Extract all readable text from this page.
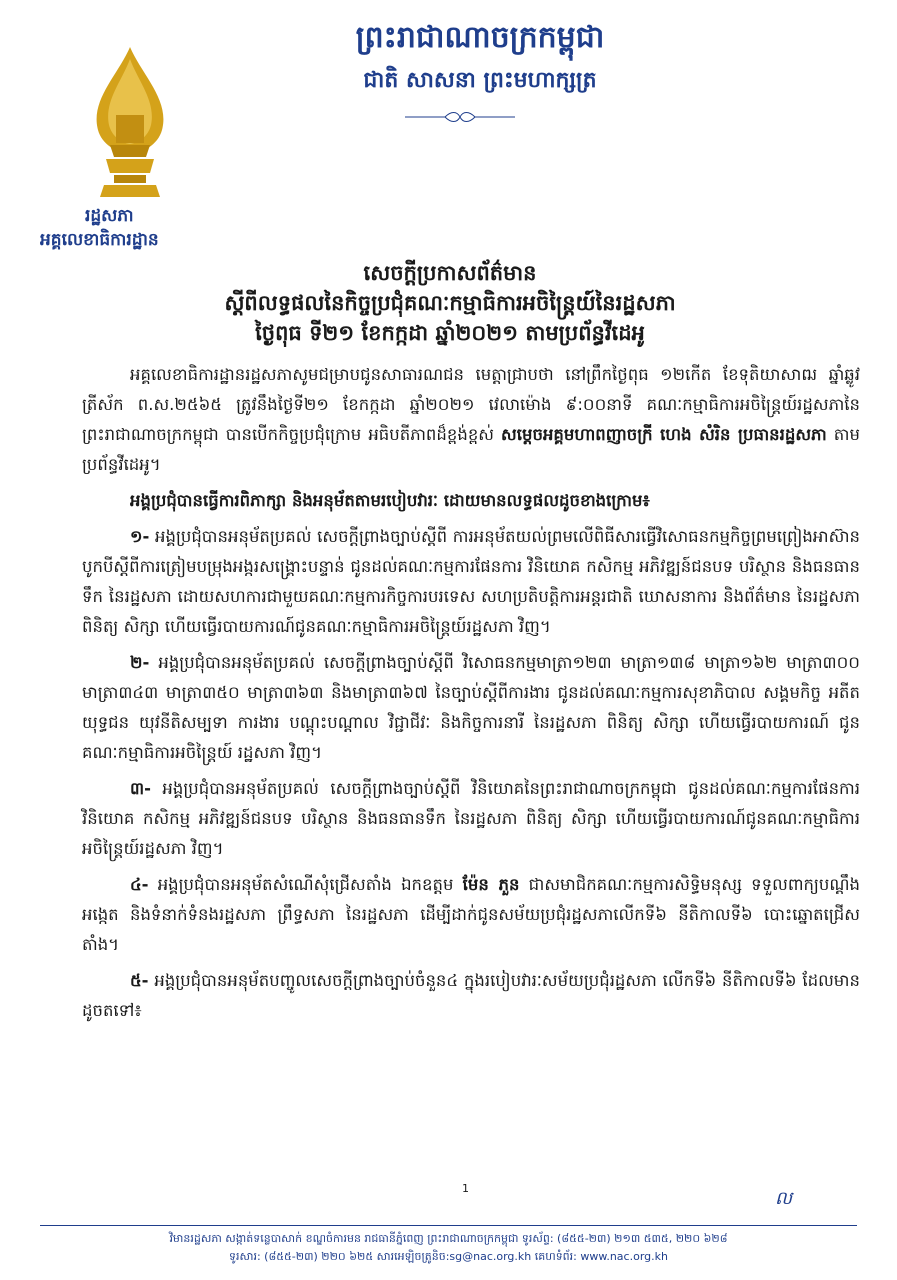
រដ្ឋសភា
អគ្គលេខាធិការដ្ឋាន
ព្រះរាជាណាចក្រកម្ពុជា
ជាតិ សាសនា ព្រះមហាក្សត្រ
សេចក្តីប្រកាសព័ត៌មាន
ស្តីពីលទ្ធផលនៃកិច្ចប្រជុំគណៈកម្មាធិការអចិន្ត្រៃយ៍នៃរដ្ឋសភា
ថ្ងៃពុធ ទី២១ ខែកក្កដា ឆ្នាំ២០២១ តាមប្រព័ន្ធវីដេអូ

អគ្គលេខាធិការដ្ឋានរដ្ឋសភាសូមជម្រាបជូនសាធារណជន មេត្តាជ្រាបថា នៅព្រឹកថ្ងៃពុធ ១២កើត ខែទុតិយាសាឍ ឆ្នាំឆ្លូវ ត្រីស័ក ព.ស.២៥៦៥ ត្រូវនឹងថ្ងៃទី២១ ខែកក្កដា ឆ្នាំ២០២១ វេលាម៉ោង ៩:០០នាទី គណៈកម្មាធិការអចិន្ត្រៃយ៍រដ្ឋសភានៃព្រះរាជាណាចក្រកម្ពុជា បានបើកកិច្ចប្រជុំក្រោម អធិបតីភាពដ៏ខ្ពង់ខ្ពស់ សម្តេចអគ្គមហាពញាចក្រី ហេង សំរិន ប្រធានរដ្ឋសភា តាមប្រព័ន្ធវីដេអូ។

អង្គប្រជុំបានធ្វើការពិភាក្សា និងអនុម័តតាមរបៀបវារៈ ដោយមានលទ្ធផលដូចខាងក្រោម៖

១- អង្គប្រជុំបានអនុម័តប្រគល់ សេចក្តីព្រាងច្បាប់ស្តីពី ការអនុម័តយល់ព្រមលើពិធីសារធ្វើវិសោធនកម្មកិច្ចព្រមព្រៀងអាស៊ានបូកបីស្តីពីការត្រៀមបម្រុងអង្ករសង្គ្រោះបន្ទាន់ ជូនដល់គណៈកម្មការផែនការ វិនិយោគ កសិកម្ម អភិវឌ្ឍន៍ជនបទ បរិស្ថាន និងធនធានទឹក នៃរដ្ឋសភា ដោយសហការជាមួយគណៈកម្មការកិច្ចការបរទេស សហប្រតិបត្តិការអន្តរជាតិ ឃោសនាការ និងព័ត៌មាន នៃរដ្ឋសភា ពិនិត្យ សិក្សា ហើយធ្វើរបាយការណ៍ជូនគណៈកម្មាធិការអចិន្ត្រៃយ៍រដ្ឋសភា វិញ។

២- អង្គប្រជុំបានអនុម័តប្រគល់ សេចក្តីព្រាងច្បាប់ស្តីពី វិសោធនកម្មមាត្រា១២៣ មាត្រា១៣៨ មាត្រា១៦២ មាត្រា៣០០ មាត្រា៣៤៣ មាត្រា៣៥០ មាត្រា៣៦៣ និងមាត្រា៣៦៧ នៃច្បាប់ស្តីពីការងារ ជូនដល់គណៈកម្មការសុខាភិបាល សង្គមកិច្ច អតីតយុទ្ធជន យុវនីតិសម្បទា ការងារ បណ្តុះបណ្តាល វិជ្ជាជីវៈ និងកិច្ចការនារី នៃរដ្ឋសភា ពិនិត្យ សិក្សា ហើយធ្វើរបាយការណ៍ ជូនគណៈកម្មាធិការអចិន្ត្រៃយ៍ រដ្ឋសភា វិញ។

៣- អង្គប្រជុំបានអនុម័តប្រគល់ សេចក្តីព្រាងច្បាប់ស្តីពី វិនិយោគនៃព្រះរាជាណាចក្រកម្ពុជា ជូនដល់គណៈកម្មការផែនការ វិនិយោគ កសិកម្ម អភិវឌ្ឍន៍ជនបទ បរិស្ថាន និងធនធានទឹក នៃរដ្ឋសភា ពិនិត្យ សិក្សា ហើយធ្វើរបាយការណ៍ជូនគណៈកម្មាធិការអចិន្ត្រៃយ៍រដ្ឋសភា វិញ។

៤- អង្គប្រជុំបានអនុម័តសំណើសុំជ្រើសតាំង ឯកឧត្តម ម៉ែន ភួន ជាសមាជិកគណៈកម្មការសិទ្ធិមនុស្ស ទទួលពាក្យបណ្តឹង អង្កេត និងទំនាក់ទំនងរដ្ឋសភា ព្រឹទ្ធសភា នៃរដ្ឋសភា ដើម្បីដាក់ជូនសម័យប្រជុំរដ្ឋសភាលើកទី៦ នីតិកាលទី៦ បោះឆ្នោតជ្រើសតាំង។

៥- អង្គប្រជុំបានអនុម័តបញ្ចូលសេចក្តីព្រាងច្បាប់ចំនួន៤ ក្នុងរបៀបវារៈសម័យប្រជុំរដ្ឋសភា លើកទី៦ នីតិកាលទី៦ ដែលមានដូចតទៅ៖

1	ល
វិមានរដ្ឋសភា សង្កាត់ទន្លេបាសាក់ ខណ្ឌចំការមន រាជធានីភ្នំពេញ ព្រះរាជាណាចក្រកម្ពុជា ទូរស័ព្ទ: (៨៥៥-២៣) ២១៣ ៥៣៥, ២២០ ៦២៨
ទូរសារ: (៨៥៥-២៣) ២២០ ៦២៥ សារអេឡិចត្រូនិច:sg@nac.org.kh គេហទំព័រ: www.nac.org.kh
